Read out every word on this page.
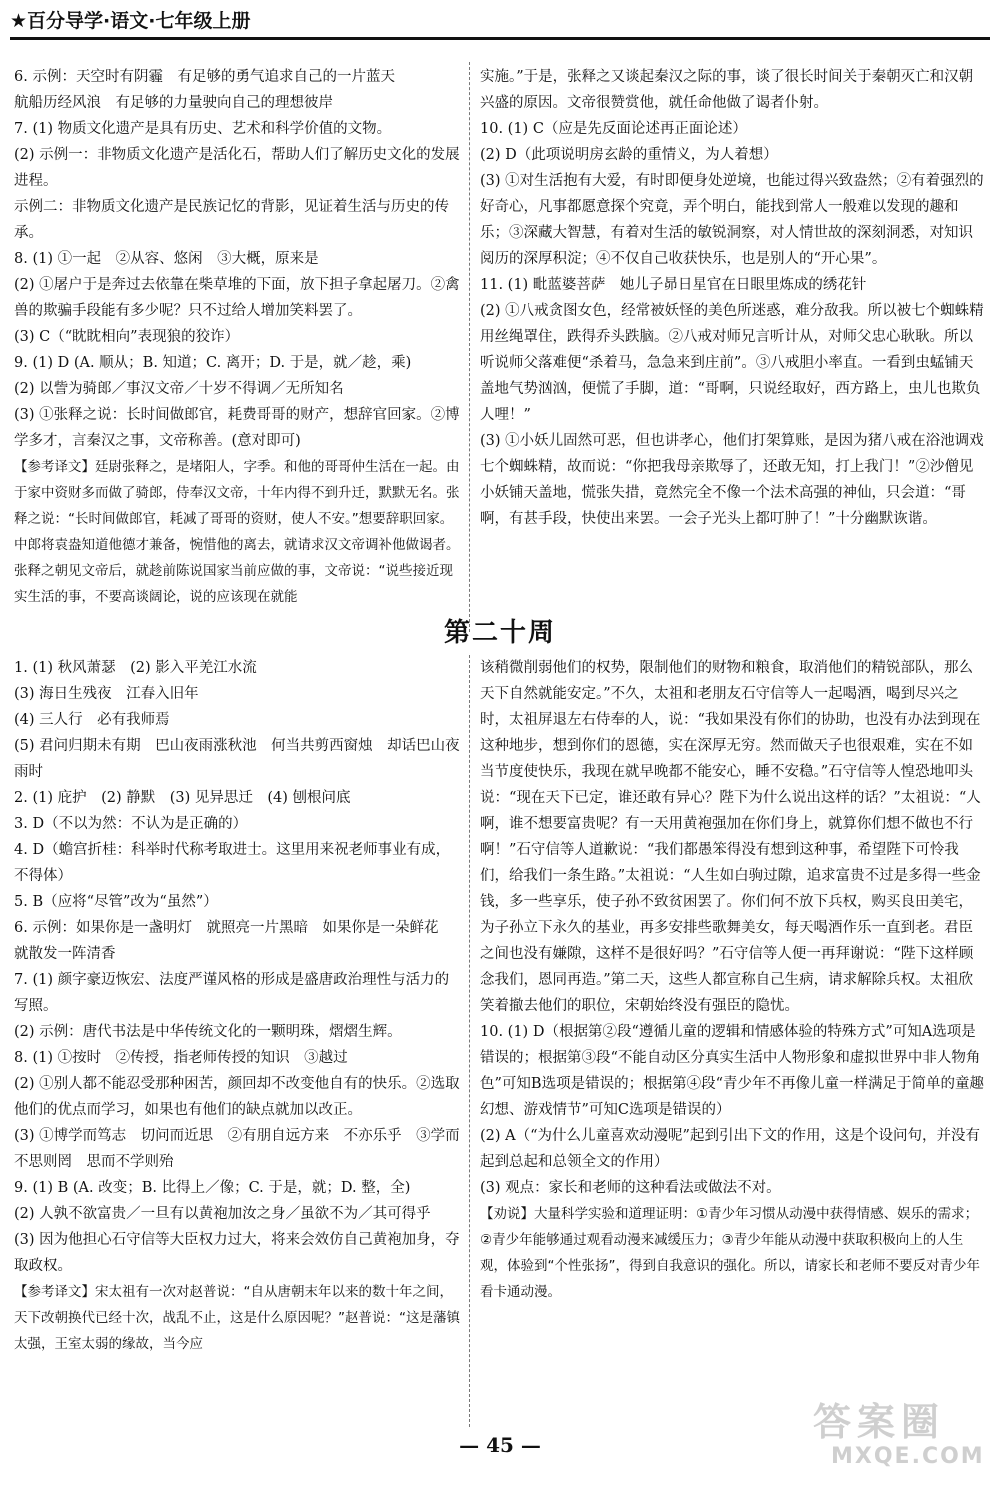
★百分导学·语文·七年级上册
6. 示例：天空时有阴霾　有足够的勇气追求自己的一片蓝天
航船历经风浪　有足够的力量驶向自己的理想彼岸
7. (1) 物质文化遗产是具有历史、艺术和科学价值的文物。
(2) 示例一：非物质文化遗产是活化石，帮助人们了解历史文化的发展进程。
示例二：非物质文化遗产是民族记忆的背影，见证着生活与历史的传承。
8. (1) ①一起　②从容、悠闲　③大概，原来是
(2) ①屠户于是奔过去依靠在柴草堆的下面，放下担子拿起屠刀。②禽兽的欺骗手段能有多少呢？只不过给人增加笑料罢了。
(3) C（“眈眈相向”表现狼的狡诈）
9. (1) D (A. 顺从；B. 知道；C. 离开；D. 于是，就／趁，乘)
(2) 以訾为骑郎／事汉文帝／十岁不得调／无所知名
(3) ①张释之说：长时间做郎官，耗费哥哥的财产，想辞官回家。②博学多才，言秦汉之事，文帝称善。(意对即可)
【参考译文】廷尉张释之，是堵阳人，字季。和他的哥哥仲生活在一起。由于家中资财多而做了骑郎，侍奉汉文帝，十年内得不到升迁，默默无名。张释之说：“长时间做郎官，耗减了哥哥的资财，使人不安。”想要辞职回家。中郎将袁盎知道他德才兼备，惋惜他的离去，就请求汉文帝调补他做谒者。张释之朝见文帝后，就趁前陈说国家当前应做的事，文帝说：“说些接近现实生活的事，不要高谈阔论，说的应该现在就能
实施。”于是，张释之又谈起秦汉之际的事，谈了很长时间关于秦朝灭亡和汉朝兴盛的原因。文帝很赞赏他，就任命他做了谒者仆射。
10. (1) C（应是先反面论述再正面论述）
(2) D（此项说明房玄龄的重情义，为人着想）
(3) ①对生活抱有大爱，有时即便身处逆境，也能过得兴致盎然；②有着强烈的好奇心，凡事都愿意探个究竟，弄个明白，能找到常人一般难以发现的趣和乐；③深藏大智慧，有着对生活的敏锐洞察，对人情世故的深刻洞悉，对知识阅历的深厚积淀；④不仅自己收获快乐，也是别人的“开心果”。
11. (1) 毗蓝婆菩萨　她儿子昴日星官在日眼里炼成的绣花针
(2) ①八戒贪图女色，经常被妖怪的美色所迷惑，难分敌我。所以被七个蜘蛛精用丝绳罩住，跌得乔头跌脑。②八戒对师兄言听计从，对师父忠心耿耿。所以听说师父落难便“杀着马，急急来到庄前”。③八戒胆小率直。一看到虫蜢铺天盖地气势汹汹，便慌了手脚，道：“哥啊，只说经取好，西方路上，虫儿也欺负人哩！”
(3) ①小妖儿固然可恶，但也讲孝心，他们打架算账，是因为猪八戒在浴池调戏七个蜘蛛精，故而说：“你把我母亲欺辱了，还敢无知，打上我门！”②沙僧见小妖铺天盖地，慌张失措，竟然完全不像一个法术高强的神仙，只会道：“哥啊，有甚手段，快使出来罢。一会子光头上都叮肿了！”十分幽默诙谐。
第二十周
1. (1) 秋风萧瑟　(2) 影入平羌江水流
(3) 海日生残夜　江春入旧年
(4) 三人行　必有我师焉
(5) 君问归期未有期　巴山夜雨涨秋池　何当共剪西窗烛　却话巴山夜雨时
2. (1) 庇护　(2) 静默　(3) 见异思迁　(4) 刨根问底
3. D（不以为然：不认为是正确的）
4. D（蟾宫折桂：科举时代称考取进士。这里用来祝老师事业有成，不得体）
5. B（应将“尽管”改为“虽然”）
6. 示例：如果你是一盏明灯　就照亮一片黑暗　如果你是一朵鲜花　就散发一阵清香
7. (1) 颜字豪迈恢宏、法度严谨风格的形成是盛唐政治理性与活力的写照。
(2) 示例：唐代书法是中华传统文化的一颗明珠，熠熠生辉。
8. (1) ①按时　②传授，指老师传授的知识　③越过
(2) ①别人都不能忍受那种困苦，颜回却不改变他自有的快乐。②选取他们的优点而学习，如果也有他们的缺点就加以改正。
(3) ①博学而笃志　切问而近思　②有朋自远方来　不亦乐乎　③学而不思则罔　思而不学则殆
9. (1) B (A. 改变；B. 比得上／像；C. 于是，就；D. 整，全)
(2) 人孰不欲富贵／一旦有以黄袍加汝之身／虽欲不为／其可得乎
(3) 因为他担心石守信等大臣权力过大，将来会效仿自己黄袍加身，夺取政权。
【参考译文】宋太祖有一次对赵普说：“自从唐朝末年以来的数十年之间，天下改朝换代已经十次，战乱不止，这是什么原因呢？”赵普说：“这是藩镇太强，王室太弱的缘故，当今应
该稍微削弱他们的权势，限制他们的财物和粮食，取消他们的精锐部队，那么天下自然就能安定。”不久，太祖和老朋友石守信等人一起喝酒，喝到尽兴之时，太祖屏退左右侍奉的人，说：“我如果没有你们的协助，也没有办法到现在这种地步，想到你们的恩德，实在深厚无穷。然而做天子也很艰难，实在不如当节度使快乐，我现在就早晚都不能安心，睡不安稳。”石守信等人惶恐地叩头说：“现在天下已定，谁还敢有异心？陛下为什么说出这样的话？”太祖说：“人啊，谁不想要富贵呢？有一天用黄袍强加在你们身上，就算你们想不做也不行啊！”石守信等人道歉说：“我们都愚笨得没有想到这种事，希望陛下可怜我们，给我们一条生路。”太祖说：“人生如白驹过隙，追求富贵不过是多得一些金钱，多一些享乐，使子孙不致贫困罢了。你们何不放下兵权，购买良田美宅，为子孙立下永久的基业，再多安排些歌舞美女，每天喝酒作乐一直到老。君臣之间也没有嫌隙，这样不是很好吗？”石守信等人便一再拜谢说：“陛下这样顾念我们，恩同再造。”第二天，这些人都宣称自己生病，请求解除兵权。太祖欣笑着撤去他们的职位，宋朝始终没有强臣的隐忧。
10. (1) D（根据第②段“遵循儿童的逻辑和情感体验的特殊方式”可知A选项是错误的；根据第③段“不能自动区分真实生活中人物形象和虚拟世界中非人物角色”可知B选项是错误的；根据第④段“青少年不再像儿童一样满足于简单的童趣幻想、游戏情节”可知C选项是错误的）
(2) A（“为什么儿童喜欢动漫呢”起到引出下文的作用，这是个设问句，并没有起到总起和总领全文的作用）
(3) 观点：家长和老师的这种看法或做法不对。
【劝说】大量科学实验和道理证明：①青少年习惯从动漫中获得情感、娱乐的需求；②青少年能够通过观看动漫来减缓压力；③青少年能从动漫中获取积极向上的人生观，体验到“个性张扬”，得到自我意识的强化。所以，请家长和老师不要反对青少年看卡通动漫。
— 45 —
答案圈
MXQE.COM
